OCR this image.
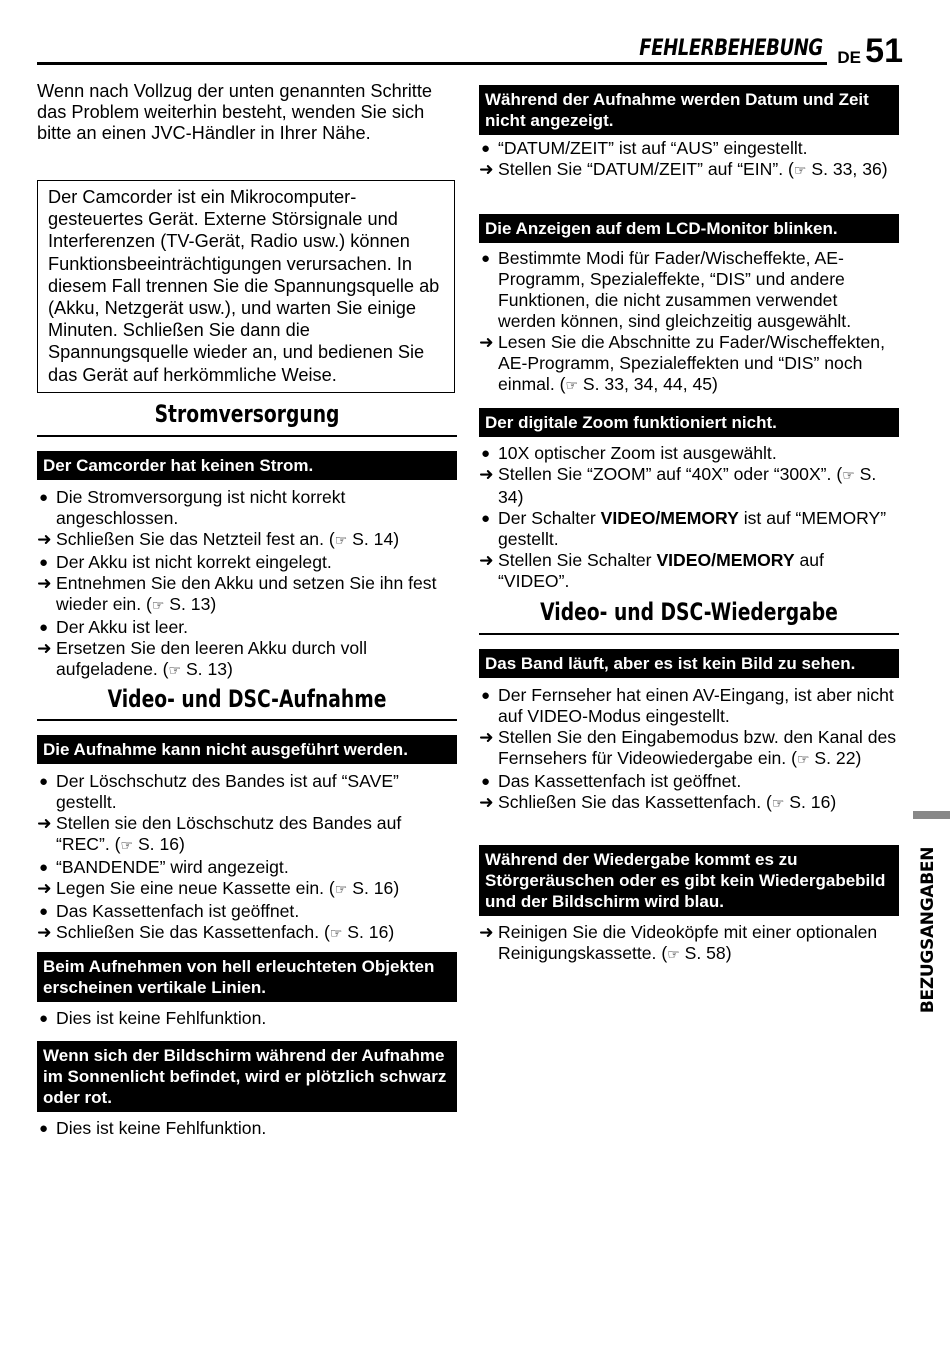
FEHLERBEHEBUNG DE 51
BEZUGSANGABEN

Wenn nach Vollzug der unten genannten Schritte das Problem weiterhin besteht, wenden Sie sich bitte an einen JVC-Händler in Ihrer Nähe.

Der Camcorder ist ein Mikrocomputer-gesteuertes Gerät. Externe Störsignale und Interferenzen (TV-Gerät, Radio usw.) können Funktionsbeeinträchtigungen verursachen. In diesem Fall trennen Sie die Spannungsquelle ab (Akku, Netzgerät usw.), und warten Sie einige Minuten. Schließen Sie dann die Spannungsquelle wieder an, und bedienen Sie das Gerät auf herkömmliche Weise.
Stromversorgung
Der Camcorder hat keinen Strom.
● Die Stromversorgung ist nicht korrekt angeschlossen.
➜ Schließen Sie das Netzteil fest an. (☞ S. 14)
● Der Akku ist nicht korrekt eingelegt.
➜ Entnehmen Sie den Akku und setzen Sie ihn fest wieder ein. (☞ S. 13)
● Der Akku ist leer.
➜ Ersetzen Sie den leeren Akku durch voll aufgeladene. (☞ S. 13)
Video- und DSC-Aufnahme
Die Aufnahme kann nicht ausgeführt werden.
● Der Löschschutz des Bandes ist auf “SAVE” gestellt.
➜ Stellen sie den Löschschutz des Bandes auf “REC”. (☞ S. 16)
● “BANDENDE” wird angezeigt.
➜ Legen Sie eine neue Kassette ein. (☞ S. 16)
● Das Kassettenfach ist geöffnet.
➜ Schließen Sie das Kassettenfach. (☞ S. 16)
Beim Aufnehmen von hell erleuchteten Objekten erscheinen vertikale Linien.
● Dies ist keine Fehlfunktion.
Wenn sich der Bildschirm während der Aufnahme im Sonnenlicht befindet, wird er plötzlich schwarz oder rot.
● Dies ist keine Fehlfunktion.
Während der Aufnahme werden Datum und Zeit nicht angezeigt.
● “DATUM/ZEIT” ist auf “AUS” eingestellt.
➜ Stellen Sie “DATUM/ZEIT” auf “EIN”. (☞ S. 33, 36)
Die Anzeigen auf dem LCD-Monitor blinken.
● Bestimmte Modi für Fader/Wischeffekte, AE-Programm, Spezialeffekte, “DIS” und andere Funktionen, die nicht zusammen verwendet werden können, sind gleichzeitig ausgewählt.
➜ Lesen Sie die Abschnitte zu Fader/Wischeffekten, AE-Programm, Spezialeffekten und “DIS” noch einmal. (☞ S. 33, 34, 44, 45)
Der digitale Zoom funktioniert nicht.
● 10X optischer Zoom ist ausgewählt.
➜ Stellen Sie “ZOOM” auf “40X” oder “300X”. (☞ S. 34)
● Der Schalter VIDEO/MEMORY ist auf “MEMORY” gestellt.
➜ Stellen Sie Schalter VIDEO/MEMORY auf “VIDEO”.
Video- und DSC-Wiedergabe
Das Band läuft, aber es ist kein Bild zu sehen.
● Der Fernseher hat einen AV-Eingang, ist aber nicht auf VIDEO-Modus eingestellt.
➜ Stellen Sie den Eingabemodus bzw. den Kanal des Fernsehers für Videowiedergabe ein. (☞ S. 22)
● Das Kassettenfach ist geöffnet.
➜ Schließen Sie das Kassettenfach. (☞ S. 16)
Während der Wiedergabe kommt es zu Störgeräuschen oder es gibt kein Wiedergabebild und der Bildschirm wird blau.
➜ Reinigen Sie die Videoköpfe mit einer optionalen Reinigungskassette. (☞ S. 58)
